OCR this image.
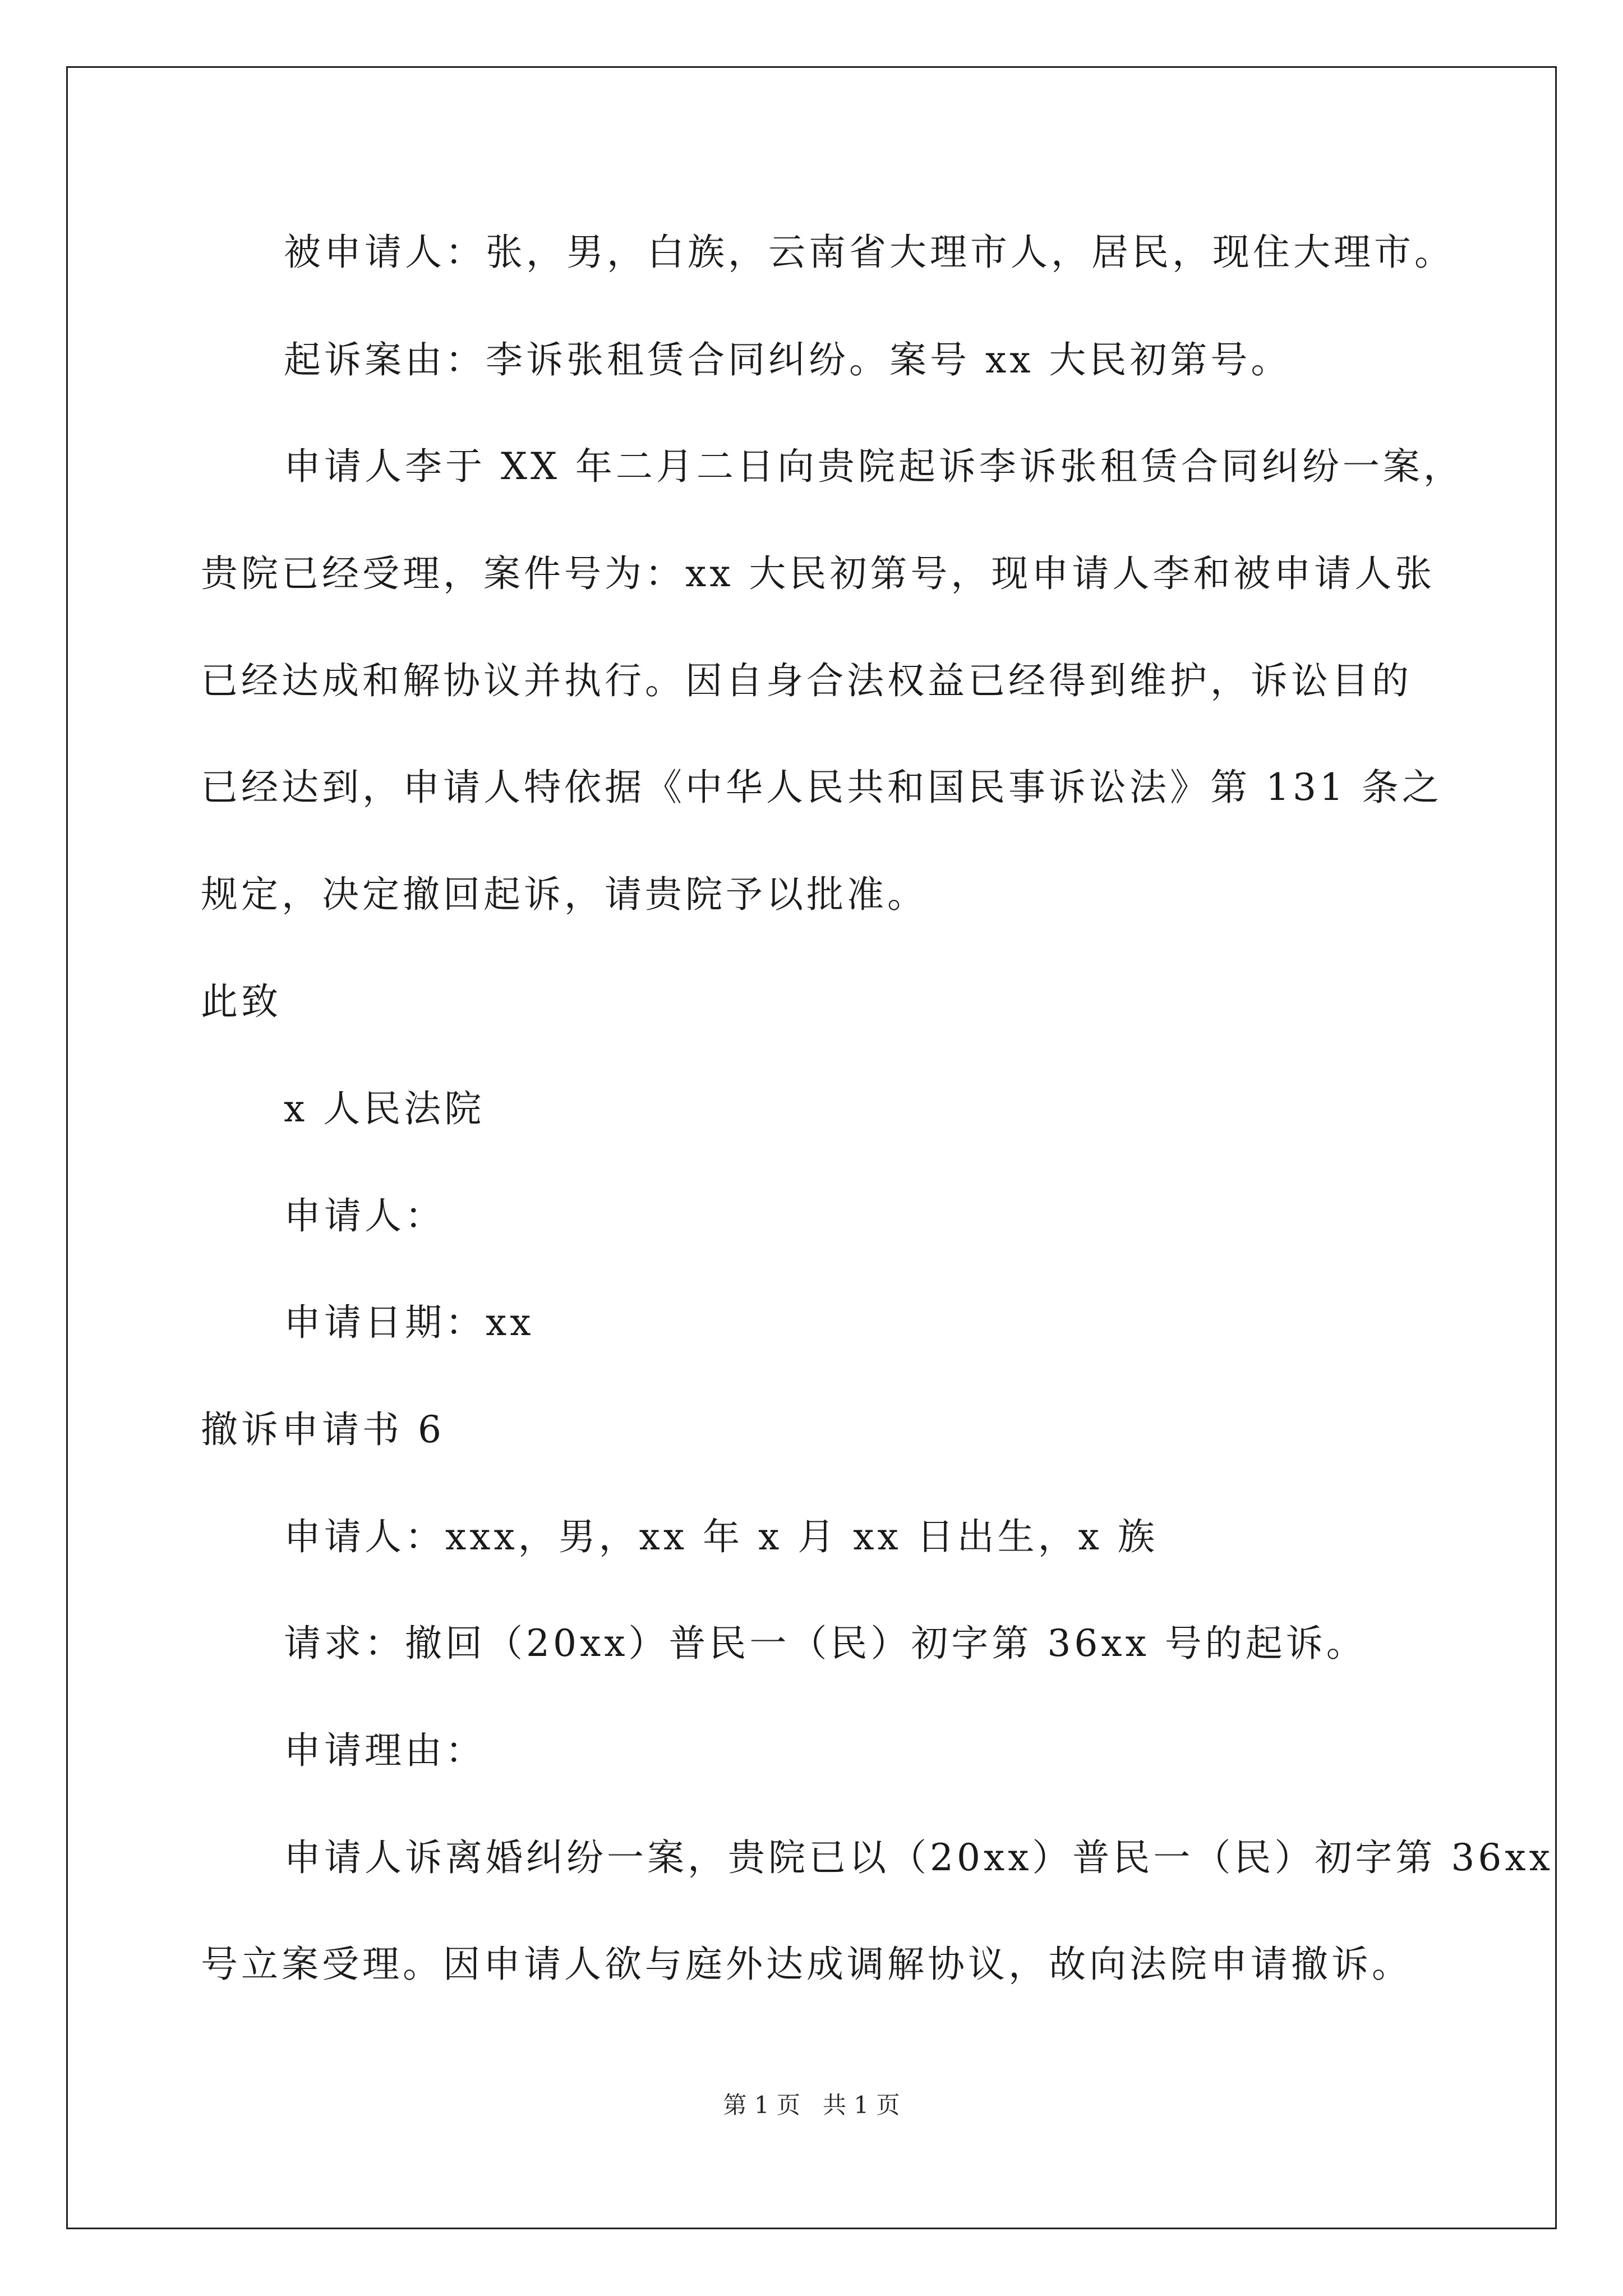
被申请人：张，男，白族，云南省大理市人，居民，现住大理市。
起诉案由：李诉张租赁合同纠纷。案号 xx 大民初第号。
申请人李于 XX 年二月二日向贵院起诉李诉张租赁合同纠纷一案，
贵院已经受理，案件号为：xx 大民初第号，现申请人李和被申请人张
已经达成和解协议并执行。因自身合法权益已经得到维护，诉讼目的
已经达到，申请人特依据《中华人民共和国民事诉讼法》第 131 条之
规定，决定撤回起诉，请贵院予以批准。
此致
x 人民法院
申请人：
申请日期：xx
撤诉申请书 6
申请人：xxx，男，xx 年 x 月 xx 日出生，x 族
请求：撤回（20xx）普民一（民）初字第 36xx 号的起诉。
申请理由：
申请人诉离婚纠纷一案，贵院已以（20xx）普民一（民）初字第 36xx
号立案受理。因申请人欲与庭外达成调解协议，故向法院申请撤诉。
第 1 页   共 1 页
